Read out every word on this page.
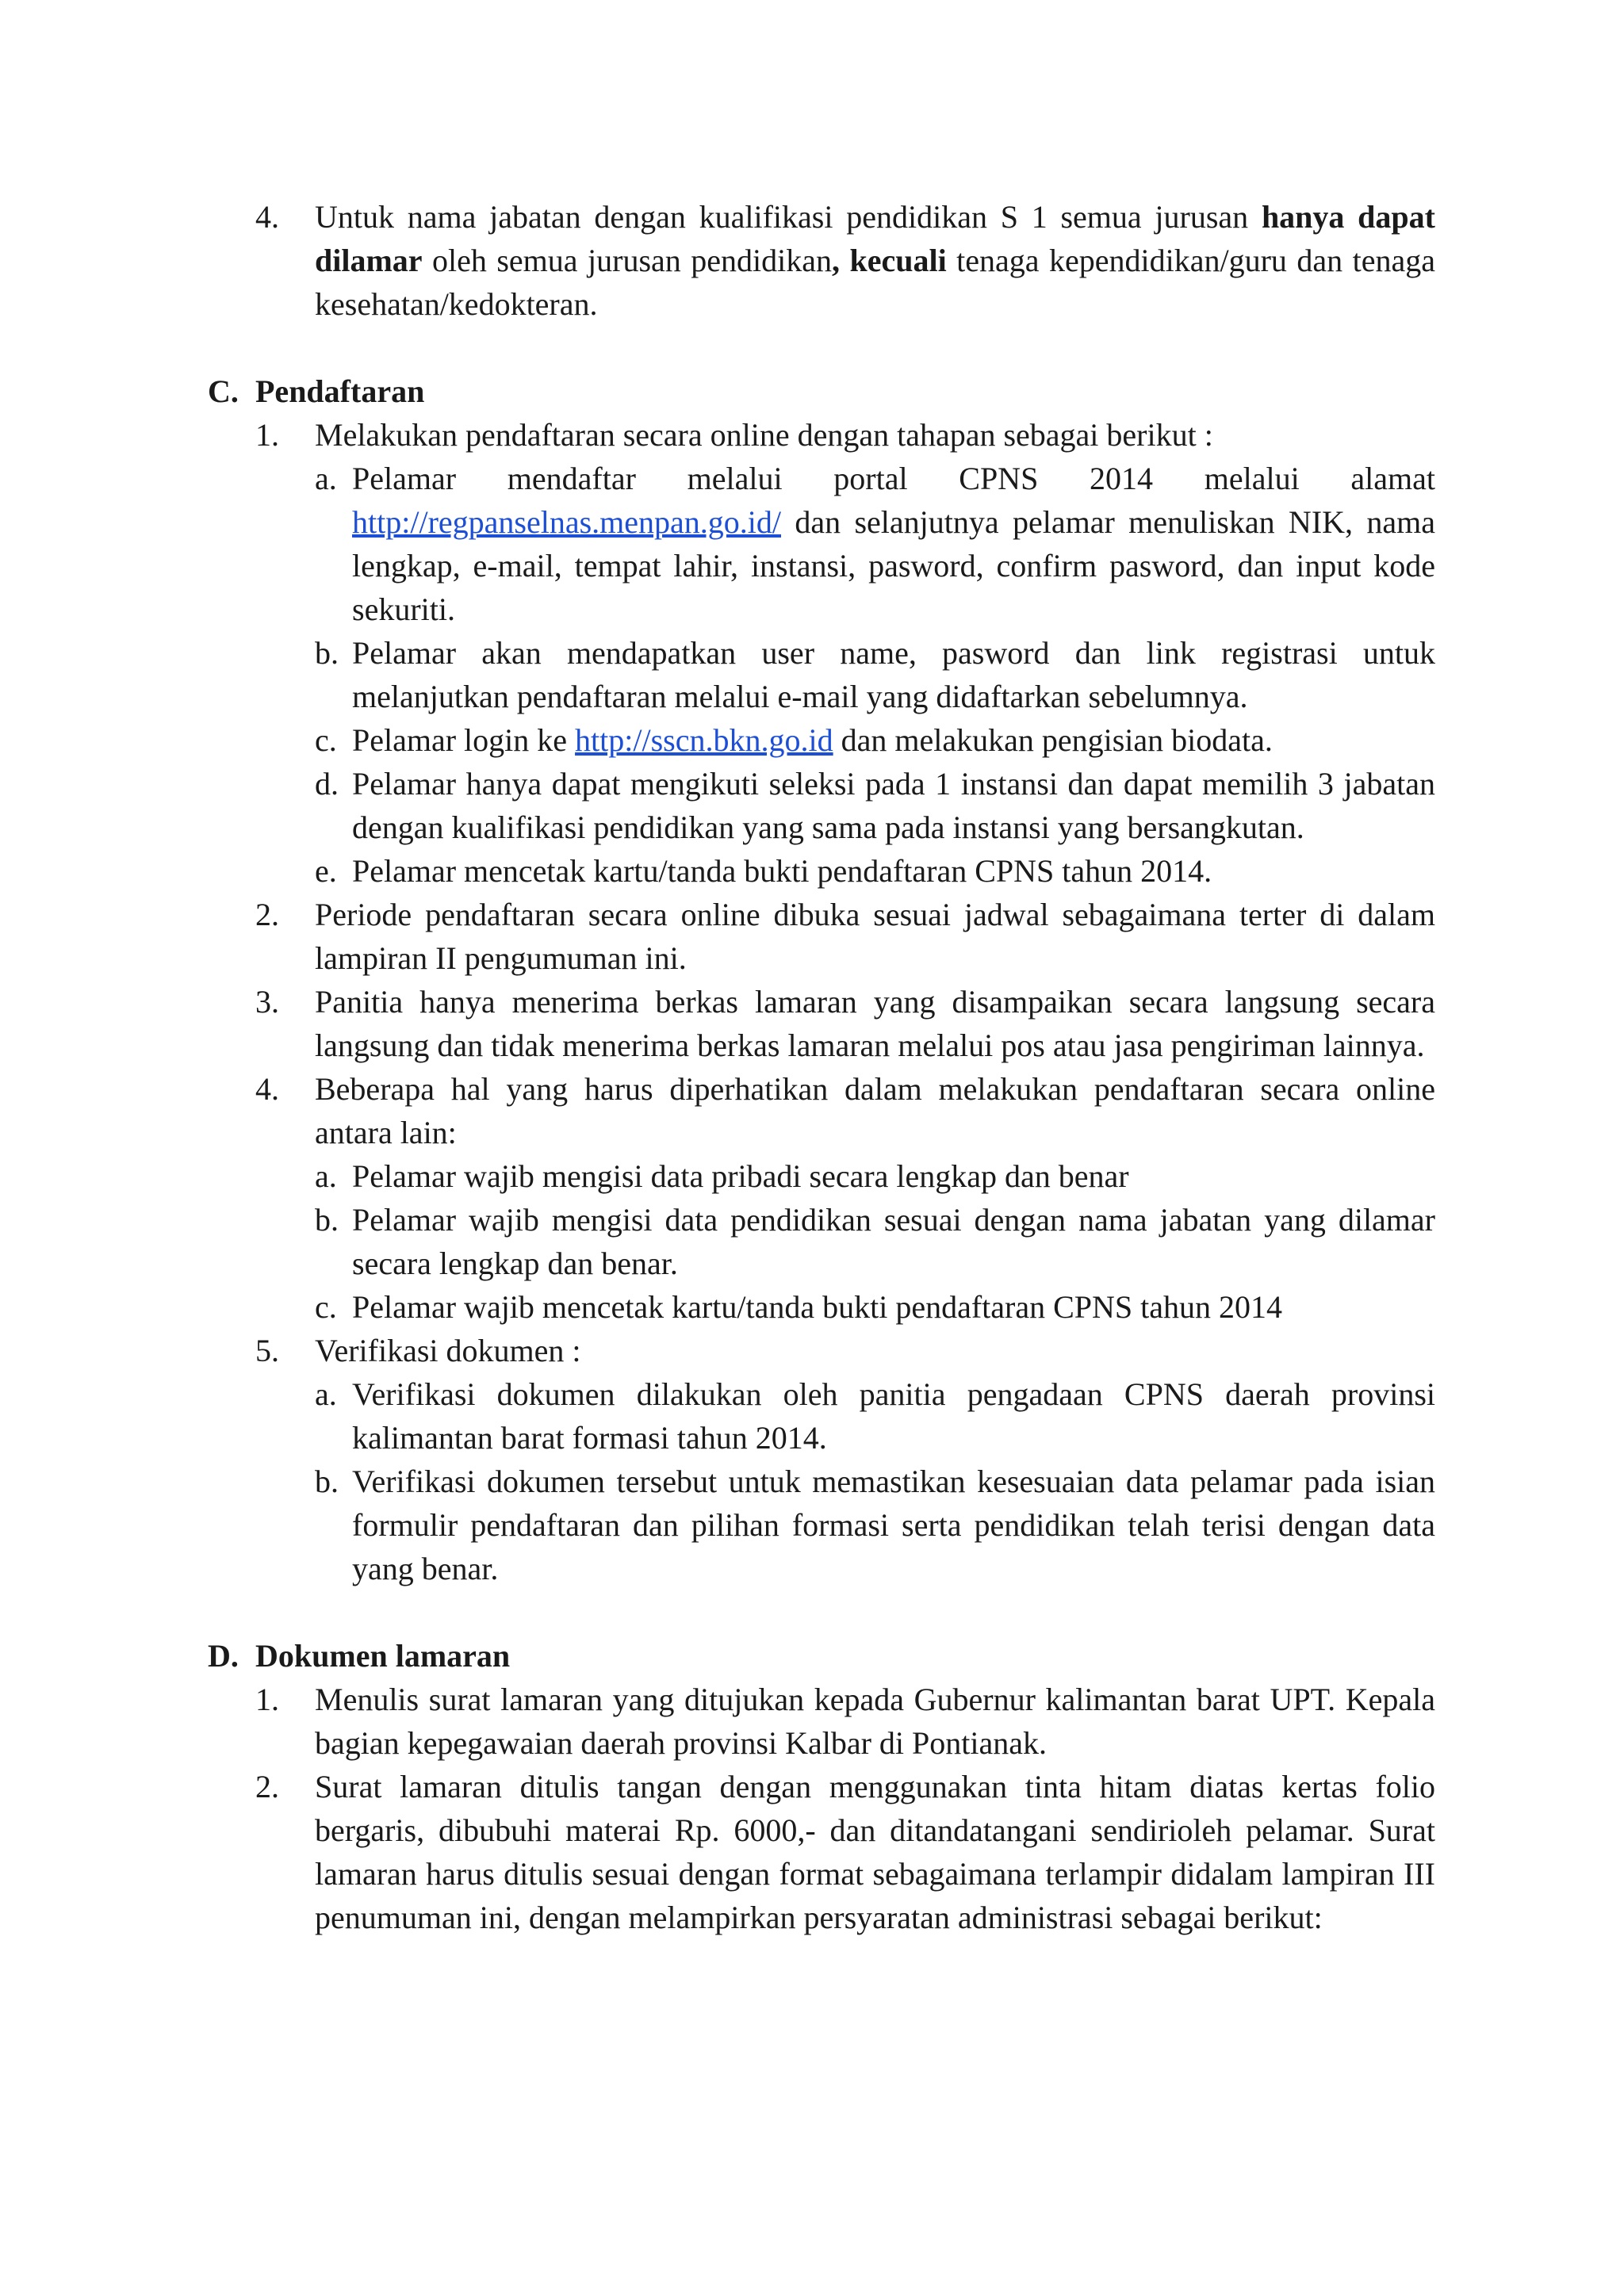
4. Untuk nama jabatan dengan kualifikasi pendidikan S 1 semua jurusan hanya dapat dilamar oleh semua jurusan pendidikan, kecuali tenaga kependidikan/guru dan tenaga kesehatan/kedokteran.
C. Pendaftaran
1. Melakukan pendaftaran secara online dengan tahapan sebagai berikut :
a. Pelamar mendaftar melalui portal CPNS 2014 melalui alamat http://regpanselnas.menpan.go.id/ dan selanjutnya pelamar menuliskan NIK, nama lengkap, e-mail, tempat lahir, instansi, pasword, confirm pasword, dan input kode sekuriti.
b. Pelamar akan mendapatkan user name, pasword dan link registrasi untuk melanjutkan pendaftaran melalui e-mail yang didaftarkan sebelumnya.
c. Pelamar login ke http://sscn.bkn.go.id dan melakukan pengisian biodata.
d. Pelamar hanya dapat mengikuti seleksi pada 1 instansi dan dapat memilih 3 jabatan dengan kualifikasi pendidikan yang sama pada instansi yang bersangkutan.
e. Pelamar mencetak kartu/tanda bukti pendaftaran CPNS tahun 2014.
2. Periode pendaftaran secara online dibuka sesuai jadwal sebagaimana terter di dalam lampiran II pengumuman ini.
3. Panitia hanya menerima berkas lamaran yang disampaikan secara langsung secara langsung dan tidak menerima berkas lamaran melalui pos atau jasa pengiriman lainnya.
4. Beberapa hal yang harus diperhatikan dalam melakukan pendaftaran secara online antara lain:
a. Pelamar wajib mengisi data pribadi secara lengkap dan benar
b. Pelamar wajib mengisi data pendidikan sesuai dengan nama jabatan yang dilamar secara lengkap dan benar.
c. Pelamar wajib mencetak kartu/tanda bukti pendaftaran CPNS tahun 2014
5. Verifikasi dokumen :
a. Verifikasi dokumen dilakukan oleh panitia pengadaan CPNS daerah provinsi kalimantan barat formasi tahun 2014.
b. Verifikasi dokumen tersebut untuk memastikan kesesuaian data pelamar pada isian formulir pendaftaran dan pilihan formasi serta pendidikan telah terisi dengan data yang benar.
D. Dokumen lamaran
1. Menulis surat lamaran yang ditujukan kepada Gubernur kalimantan barat UPT. Kepala bagian kepegawaian daerah provinsi Kalbar di Pontianak.
2. Surat lamaran ditulis tangan dengan menggunakan tinta hitam diatas kertas folio bergaris, dibubuhi materai Rp. 6000,- dan ditandatangani sendirioleh pelamar. Surat lamaran harus ditulis sesuai dengan format sebagaimana terlampir didalam lampiran III penumuman ini, dengan melampirkan persyaratan administrasi sebagai berikut:
